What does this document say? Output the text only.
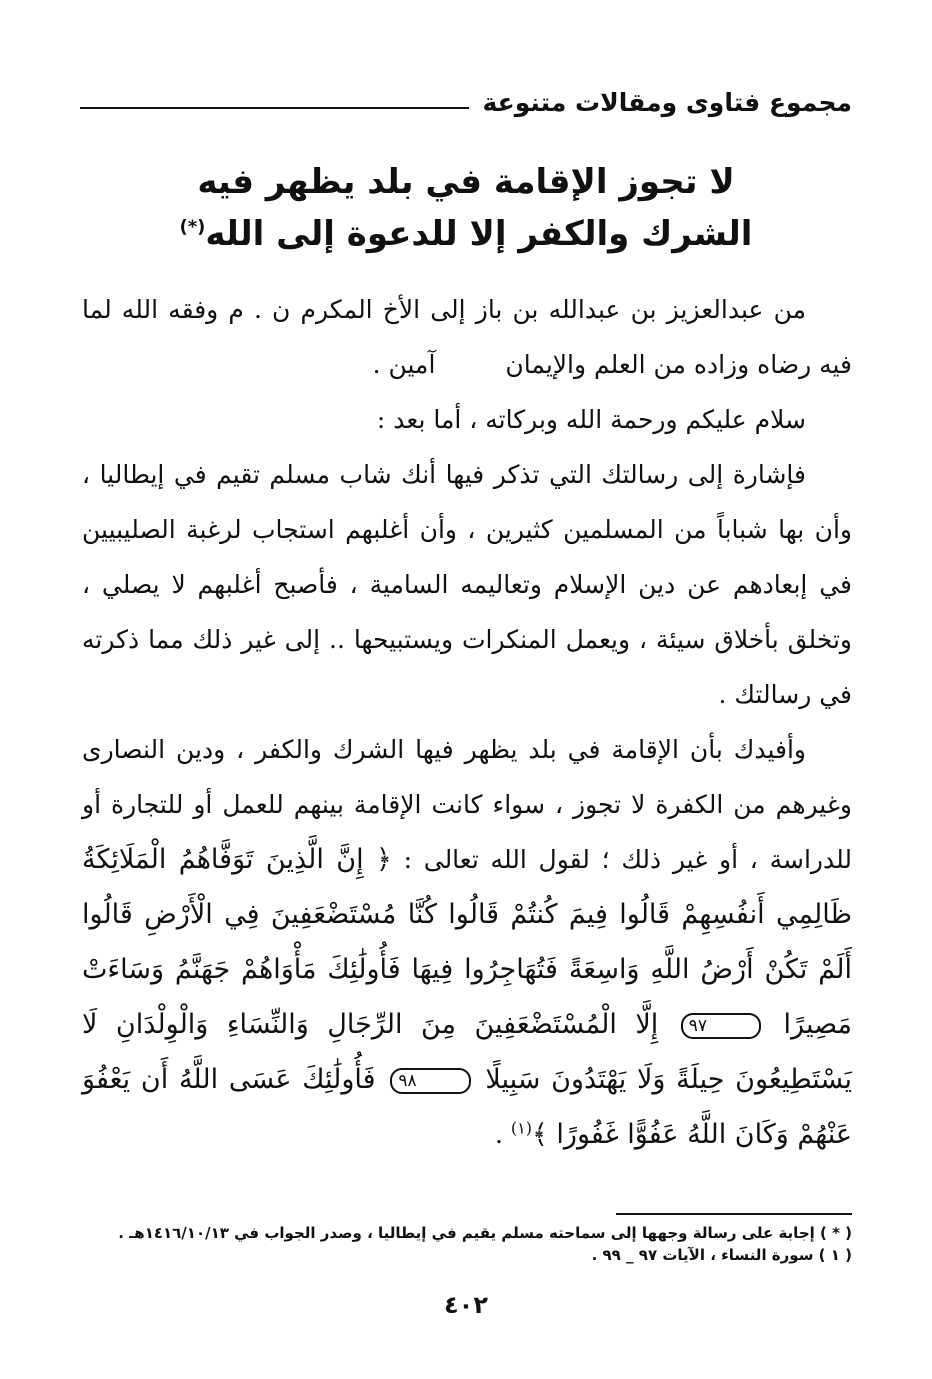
مجموع فتاوى ومقالات متنوعة
لا تجوز الإقامة في بلد يظهر فيه
الشرك والكفر إلا للدعوة إلى الله(*)

من عبدالعزيز بن عبدالله بن باز إلى الأخ المكرم ن . م وفقه الله لما فيه رضاه وزاده من العلم والإيمانآمين .

سلام عليكم ورحمة الله وبركاته ، أما بعد :

فإشارة إلى رسالتك التي تذكر فيها أنك شاب مسلم تقيم في إيطاليا ، وأن بها شباباً من المسلمين كثيرين ، وأن أغلبهم استجاب لرغبة الصليبيين في إبعادهم عن دين الإسلام وتعاليمه السامية ، فأصبح أغلبهم لا يصلي ، وتخلق بأخلاق سيئة ، ويعمل المنكرات ويستبيحها .. إلى غير ذلك مما ذكرته في رسالتك .

وأفيدك بأن الإقامة في بلد يظهر فيها الشرك والكفر ، ودين النصارى وغيرهم من الكفرة لا تجوز ، سواء كانت الإقامة بينهم للعمل أو للتجارة أو للدراسة ، أو غير ذلك ؛ لقول الله تعالى : ﴿ إِنَّ الَّذِينَ تَوَفَّاهُمُ الْمَلَائِكَةُ ظَالِمِي أَنفُسِهِمْ قَالُوا فِيمَ كُنتُمْ قَالُوا كُنَّا مُسْتَضْعَفِينَ فِي الْأَرْضِ قَالُوا أَلَمْ تَكُنْ أَرْضُ اللَّهِ وَاسِعَةً فَتُهَاجِرُوا فِيهَا فَأُولَٰئِكَ مَأْوَاهُمْ جَهَنَّمُ وَسَاءَتْ مَصِيرًا ٩٧ إِلَّا الْمُسْتَضْعَفِينَ مِنَ الرِّجَالِ وَالنِّسَاءِ وَالْوِلْدَانِ لَا يَسْتَطِيعُونَ حِيلَةً وَلَا يَهْتَدُونَ سَبِيلًا ٩٨ فَأُولَٰئِكَ عَسَى اللَّهُ أَن يَعْفُوَ عَنْهُمْ وَكَانَ اللَّهُ عَفُوًّا غَفُورًا ﴾$^{(١)}$ .

( * ) إجابة على رسالة وجهها إلى سماحته مسلم يقيم في إيطاليا ، وصدر الجواب في ١٤١٦/١٠/١٣هـ .

( ١ ) سورة النساء ، الآيات ٩٧ _ ٩٩ .

٤٠٢
